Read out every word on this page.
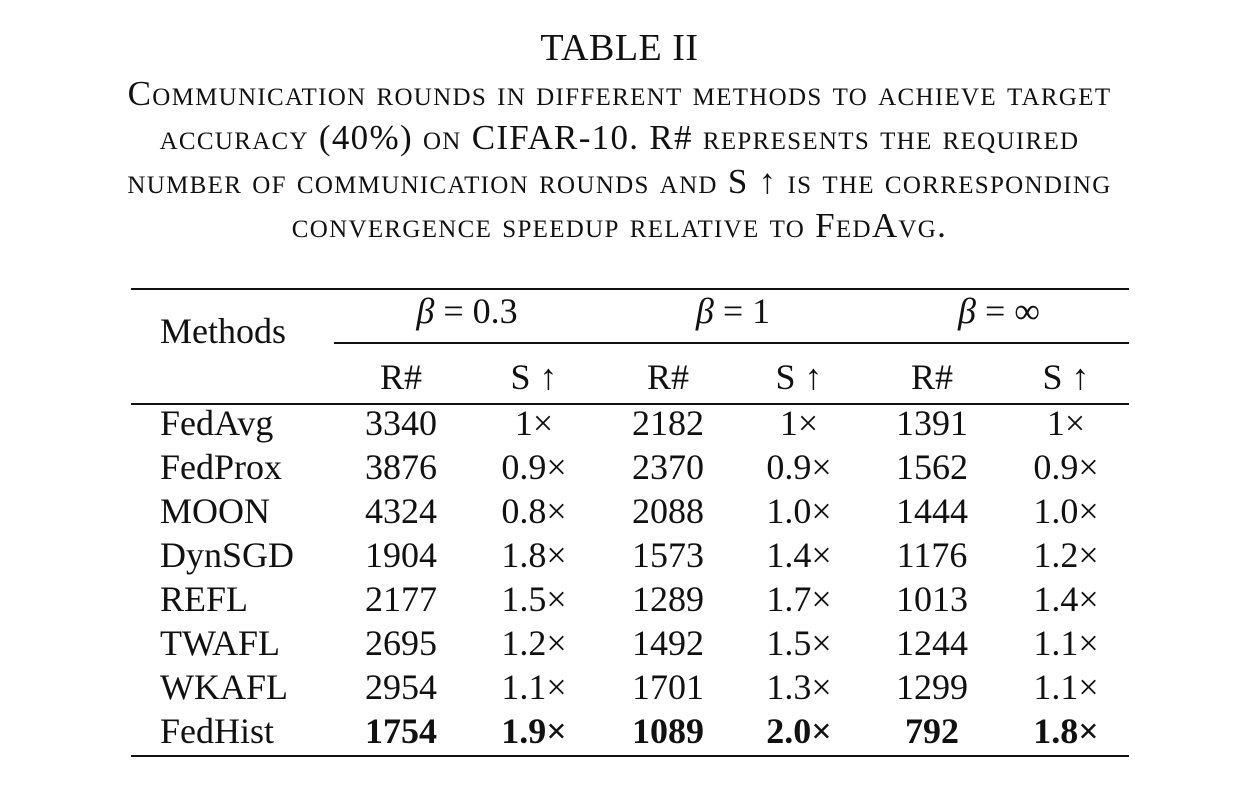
TABLE II
Communication rounds in different methods to achieve target
accuracy (40%) on CIFAR-10. R# represents the required
number of communication rounds and S ↑ is the corresponding
convergence speedup relative to FedAvg.
Methods	β = 0.3	β = 1	β = ∞
R#	S ↑	R#	S ↑	R#	S ↑
FedAvg	3340	1×	2182	1×	1391	1×
FedProx	3876	0.9×	2370	0.9×	1562	0.9×
MOON	4324	0.8×	2088	1.0×	1444	1.0×
DynSGD	1904	1.8×	1573	1.4×	1176	1.2×
REFL	2177	1.5×	1289	1.7×	1013	1.4×
TWAFL	2695	1.2×	1492	1.5×	1244	1.1×
WKAFL	2954	1.1×	1701	1.3×	1299	1.1×
FedHist	1754	1.9×	1089	2.0×	792	1.8×
